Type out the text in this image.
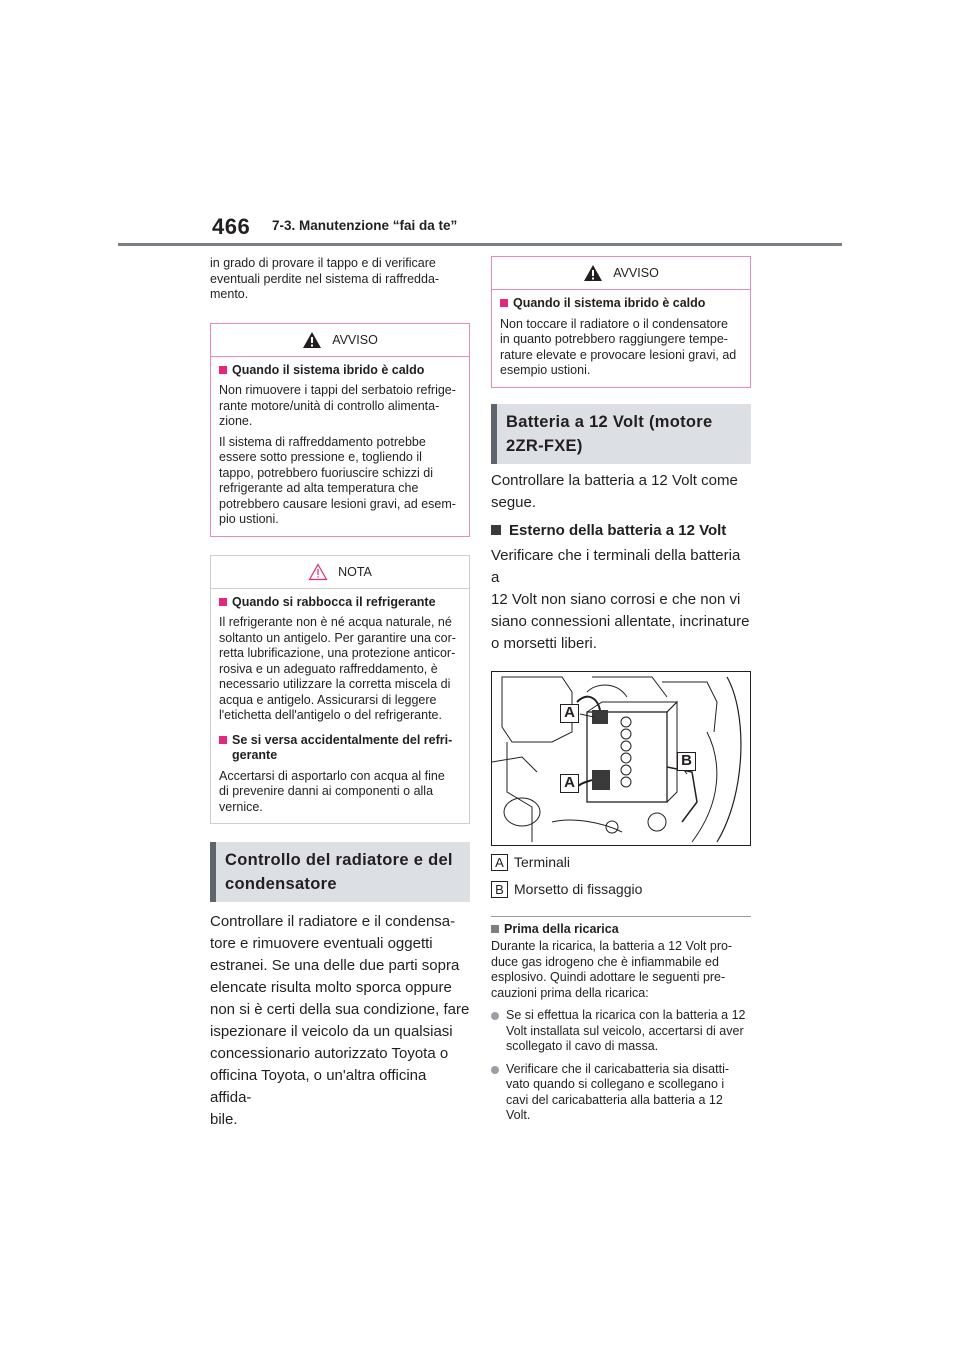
466 7-3. Manutenzione “fai da te”

in grado di provare il tappo e di verificare
eventuali perdite nel sistema di raffredda-
mento.

AVVISO
Quando il sistema ibrido è caldo

Non rimuovere i tappi del serbatoio refrige-
rante motore/unità di controllo alimenta-
zione.

Il sistema di raffreddamento potrebbe
essere sotto pressione e, togliendo il
tappo, potrebbero fuoriuscire schizzi di
refrigerante ad alta temperatura che
potrebbero causare lesioni gravi, ad esem-
pio ustioni.

NOTA
Quando si rabbocca il refrigerante

Il refrigerante non è né acqua naturale, né
soltanto un antigelo. Per garantire una cor-
retta lubrificazione, una protezione anticor-
rosiva e un adeguato raffreddamento, è
necessario utilizzare la corretta miscela di
acqua e antigelo. Assicurarsi di leggere
l'etichetta dell'antigelo o del refrigerante.

Se si versa accidentalmente del refri-
gerante

Accertarsi di asportarlo con acqua al fine
di prevenire danni ai componenti o alla
vernice.

Controllo del radiatore e del
condensatore

Controllare il radiatore e il condensa-
tore e rimuovere eventuali oggetti
estranei. Se una delle due parti sopra
elencate risulta molto sporca oppure
non si è certi della sua condizione, fare
ispezionare il veicolo da un qualsiasi
concessionario autorizzato Toyota o
officina Toyota, o un'altra officina affida-
bile.

AVVISO
Quando il sistema ibrido è caldo

Non toccare il radiatore o il condensatore
in quanto potrebbero raggiungere tempe-
rature elevate e provocare lesioni gravi, ad
esempio ustioni.

Batteria a 12 Volt (motore
2ZR-FXE)

Controllare la batteria a 12 Volt come
segue.

Esterno della batteria a 12 Volt

Verificare che i terminali della batteria a
12 Volt non siano corrosi e che non vi
siano connessioni allentate, incrinature
o morsetti liberi.

A
A
B
A Terminali
B Morsetto di fissaggio
Prima della ricarica

Durante la ricarica, la batteria a 12 Volt pro-
duce gas idrogeno che è infiammabile ed
esplosivo. Quindi adottare le seguenti pre-
cauzioni prima della ricarica:

Se si effettua la ricarica con la batteria a 12
Volt installata sul veicolo, accertarsi di aver
scollegato il cavo di massa.

Verificare che il caricabatteria sia disatti-
vato quando si collegano e scollegano i
cavi del caricabatteria alla batteria a 12
Volt.
